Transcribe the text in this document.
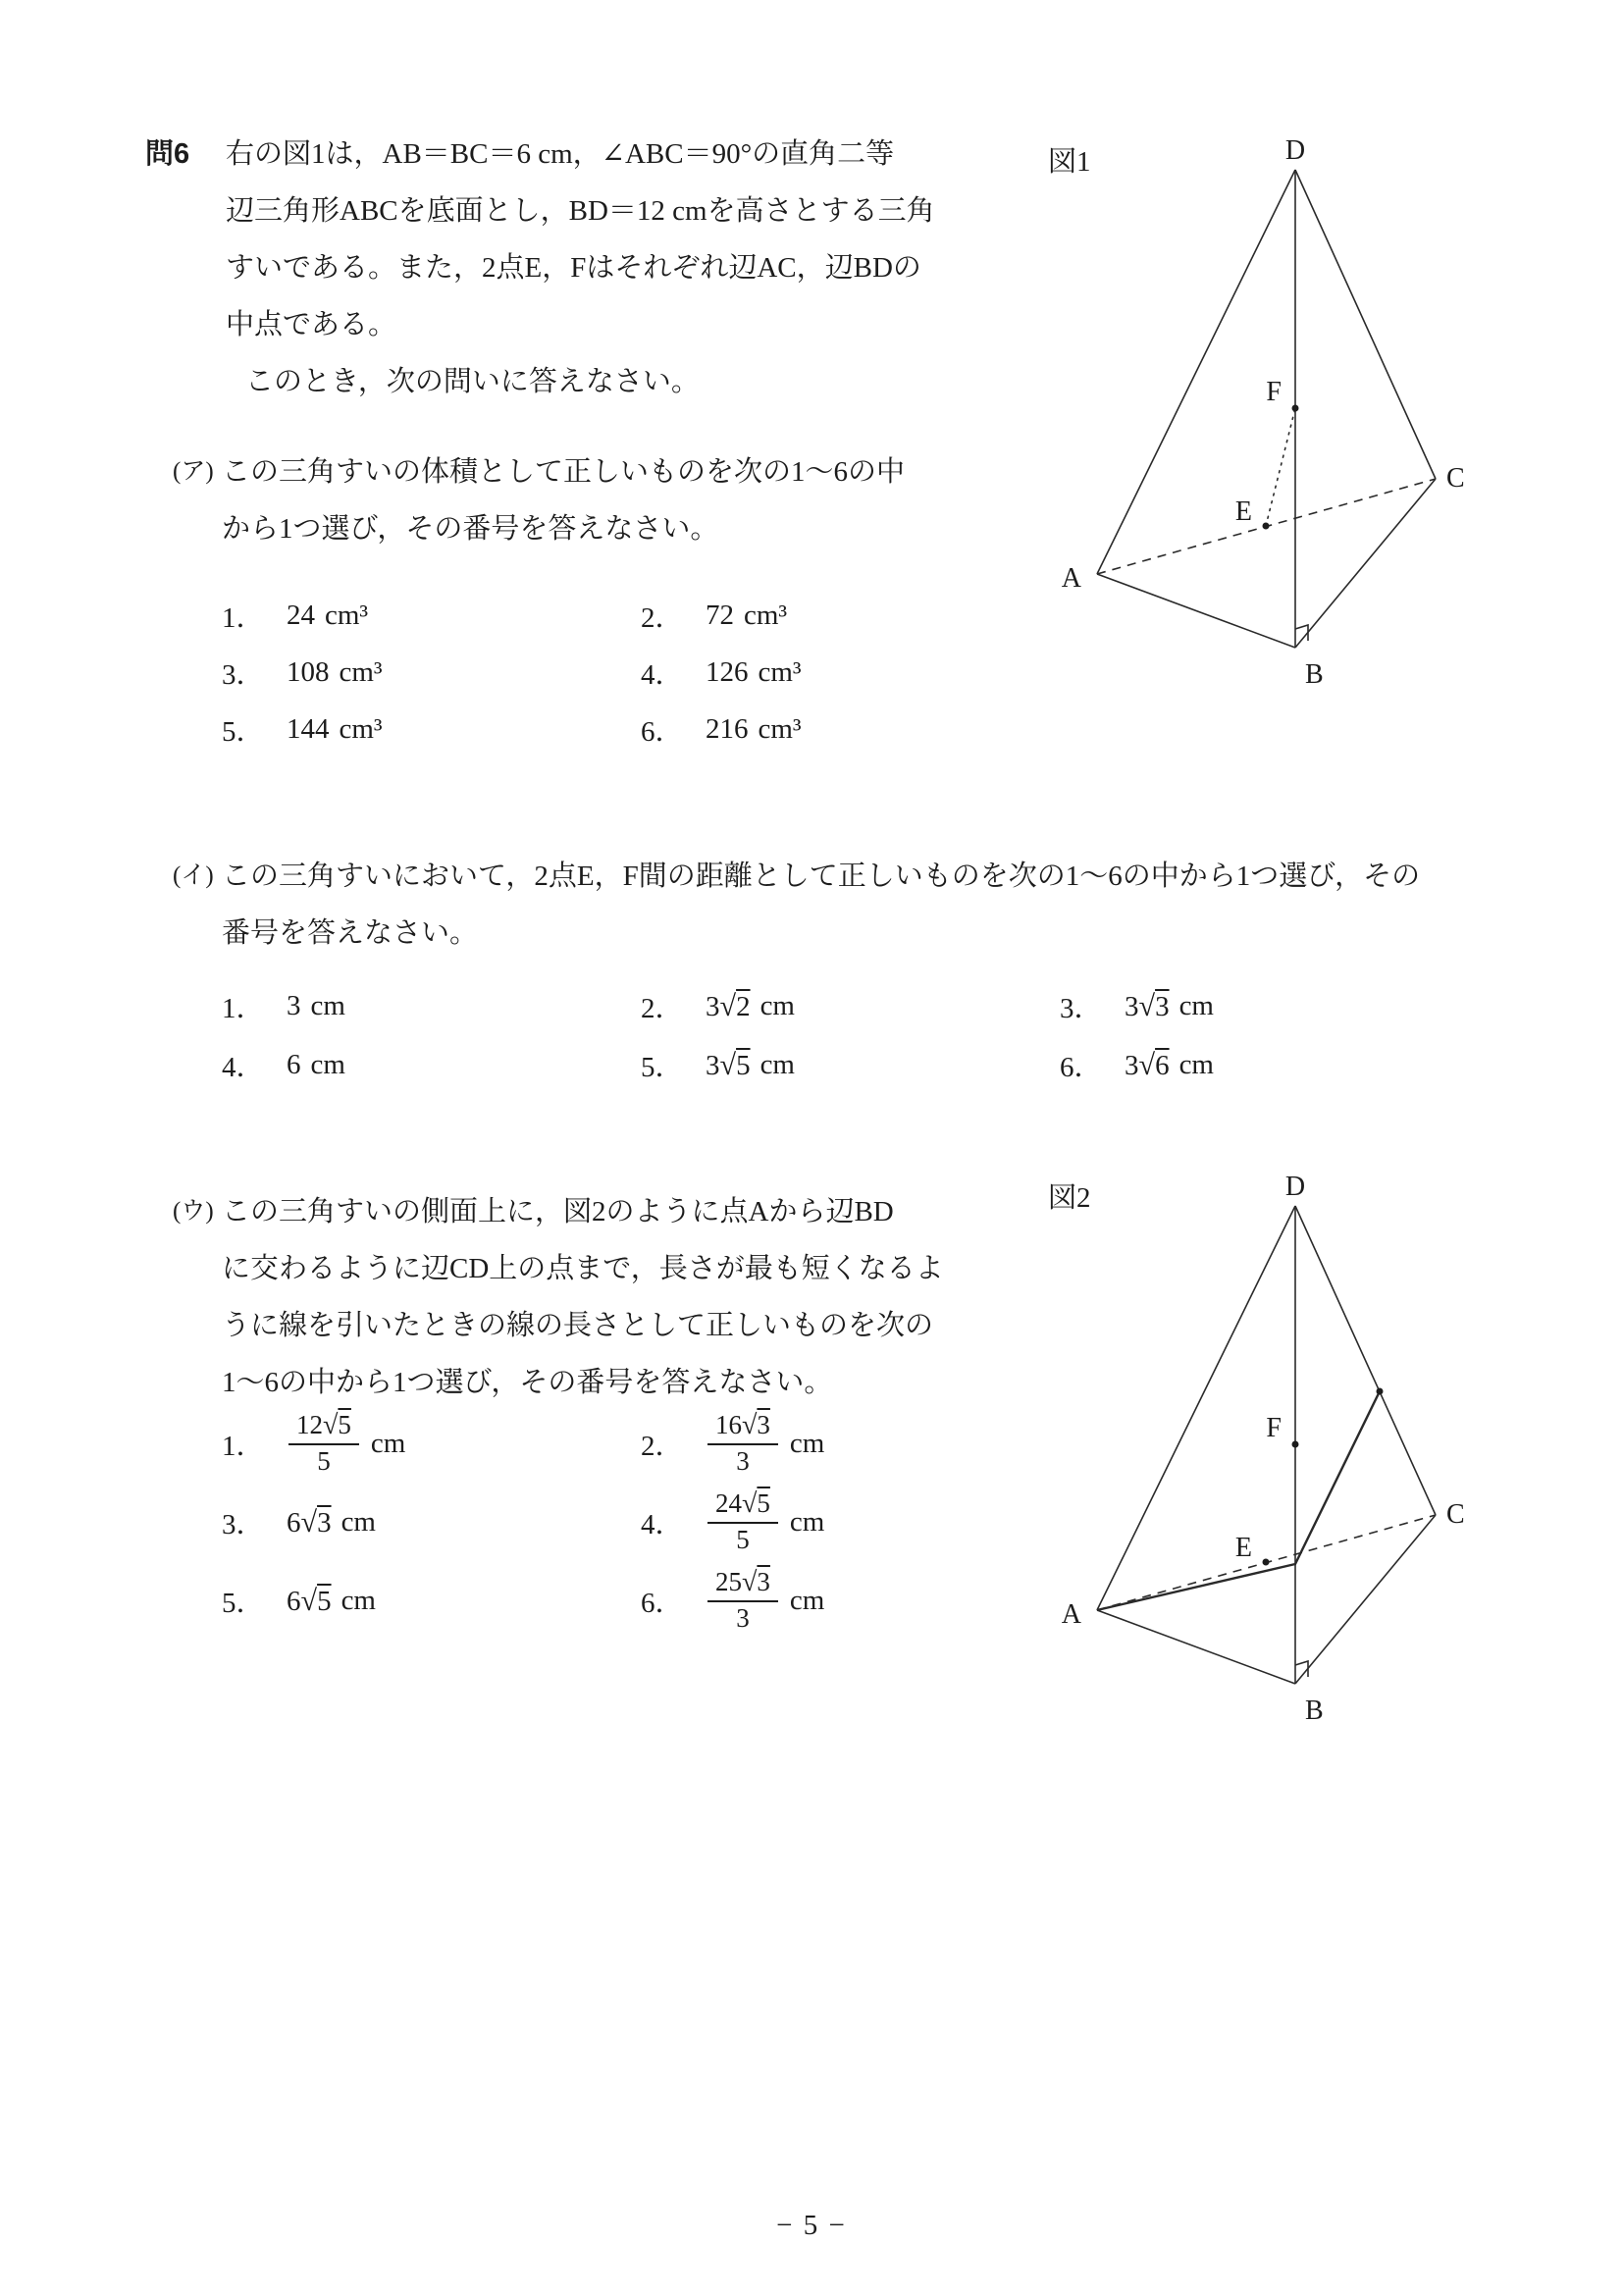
問6	右の図1は，AB＝BC＝6 cm，∠ABC＝90°の直角二等
辺三角形ABCを底面とし，BD＝12 cmを高さとする三角
すいである。また，2点E，Fはそれぞれ辺AC，辺BDの
中点である。
このとき，次の問いに答えなさい。
(ア) この三角すいの体積として正しいものを次の1～6の中
から1つ選び，その番号を答えなさい。
1． 24 cm³	2． 72 cm³
3． 108 cm³	4． 126 cm³
5． 144 cm³	6． 216 cm³
(イ) この三角すいにおいて，2点E，F間の距離として正しいものを次の1～6の中から1つ選び，その
番号を答えなさい。
1． 3 cm	2． 3√2 cm	3． 3√3 cm
4． 6 cm	5． 3√5 cm	6． 3√6 cm
(ウ) この三角すいの側面上に，図2のように点Aから辺BD
に交わるように辺CD上の点まで，長さが最も短くなるよ
うに線を引いたときの線の長さとして正しいものを次の
1～6の中から1つ選び，その番号を答えなさい。
1． $\frac{12√5}{5}$ cm	2． $\frac{16√3}{3}$ cm
3． 6√3 cm	4． $\frac{24√5}{5}$ cm
5． 6√5 cm	6． $\frac{25√3}{3}$ cm
図1	D
A
B
C
E
F
図2	D
A
B
C
E
F
− 5 −
